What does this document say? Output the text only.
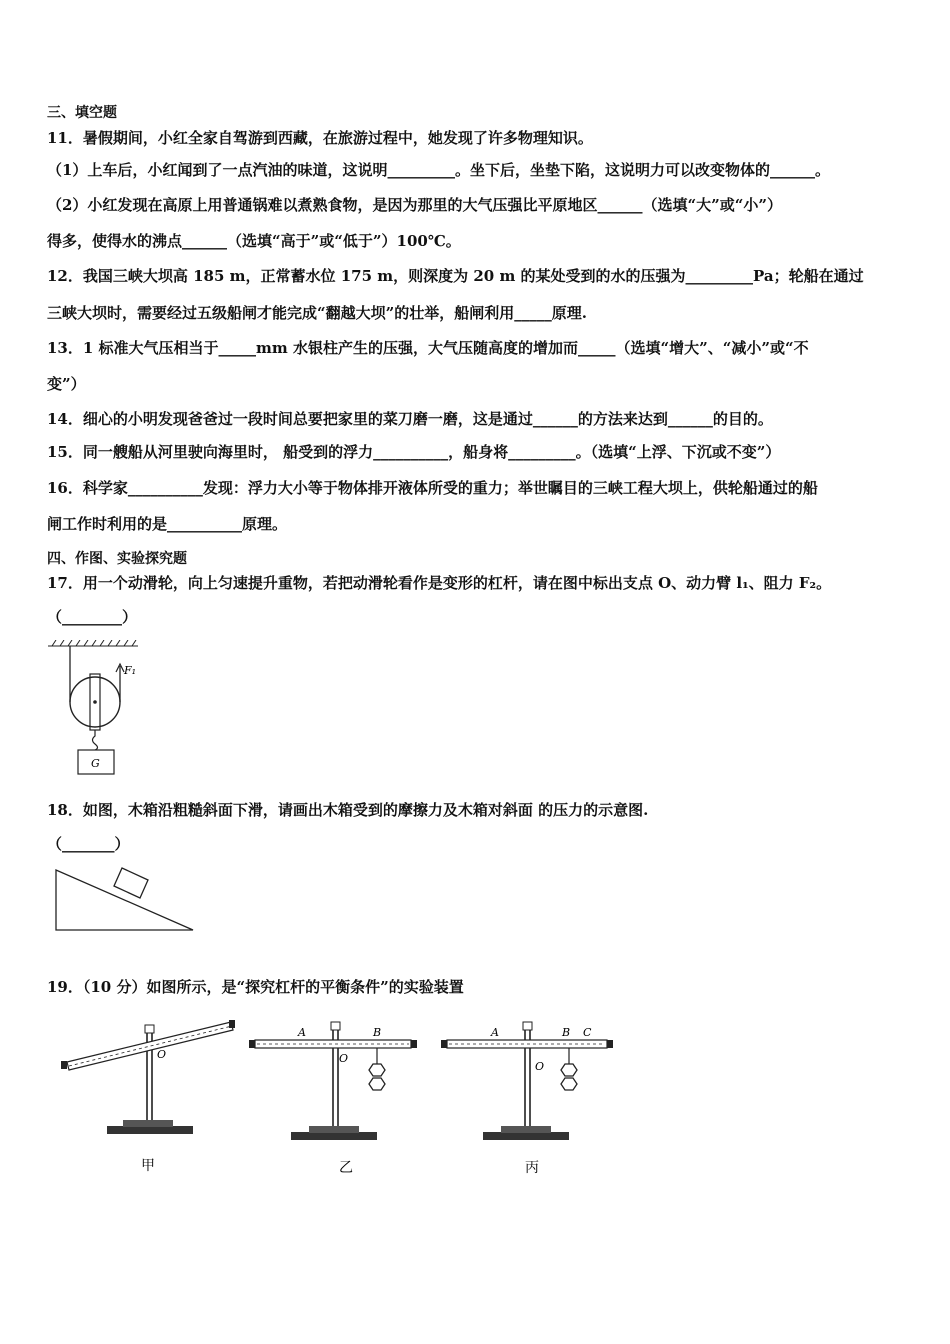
三、填空题
11．暑假期间，小红全家自驾游到西藏，在旅游过程中，她发现了许多物理知识。
（1）上车后，小红闻到了一点汽油的味道，这说明_________。坐下后，坐垫下陷，这说明力可以改变物体的______。
（2）小红发现在高原上用普通锅难以煮熟食物，是因为那里的大气压强比平原地区______（选填“大”或“小”）
得多，使得水的沸点______（选填“高于”或“低于”）100℃。
12．我国三峡大坝高 185 m，正常蓄水位 175 m，则深度为 20 m 的某处受到的水的压强为_________Pa；轮船在通过
三峡大坝时，需要经过五级船闸才能完成“翻越大坝”的壮举，船闸利用_____原理.
13．1 标准大气压相当于_____mm 水银柱产生的压强，大气压随高度的增加而_____（选填“增大”、“减小”或“不
变”）
14．细心的小明发现爸爸过一段时间总要把家里的菜刀磨一磨，这是通过______的方法来达到______的目的。
15．同一艘船从河里驶向海里时， 船受到的浮力__________，船身将_________。（选填“上浮、下沉或不变”）
16．科学家__________发现：浮力大小等于物体排开液体所受的重力；举世瞩目的三峡工程大坝上，供轮船通过的船
闸工作时利用的是__________原理。
四、作图、实验探究题
17．用一个动滑轮，向上匀速提升重物，若把动滑轮看作是变形的杠杆，请在图中标出支点 O、动力臂 l₁、阻力 F₂。
（________）
F₁
G
18．如图，木箱沿粗糙斜面下滑，请画出木箱受到的摩擦力及木箱对斜面 的压力的示意图.
（_______）
19．（10 分）如图所示，是“探究杠杆的平衡条件”的实验装置
O
甲
A	B
O
乙
A	B C
O
丙
